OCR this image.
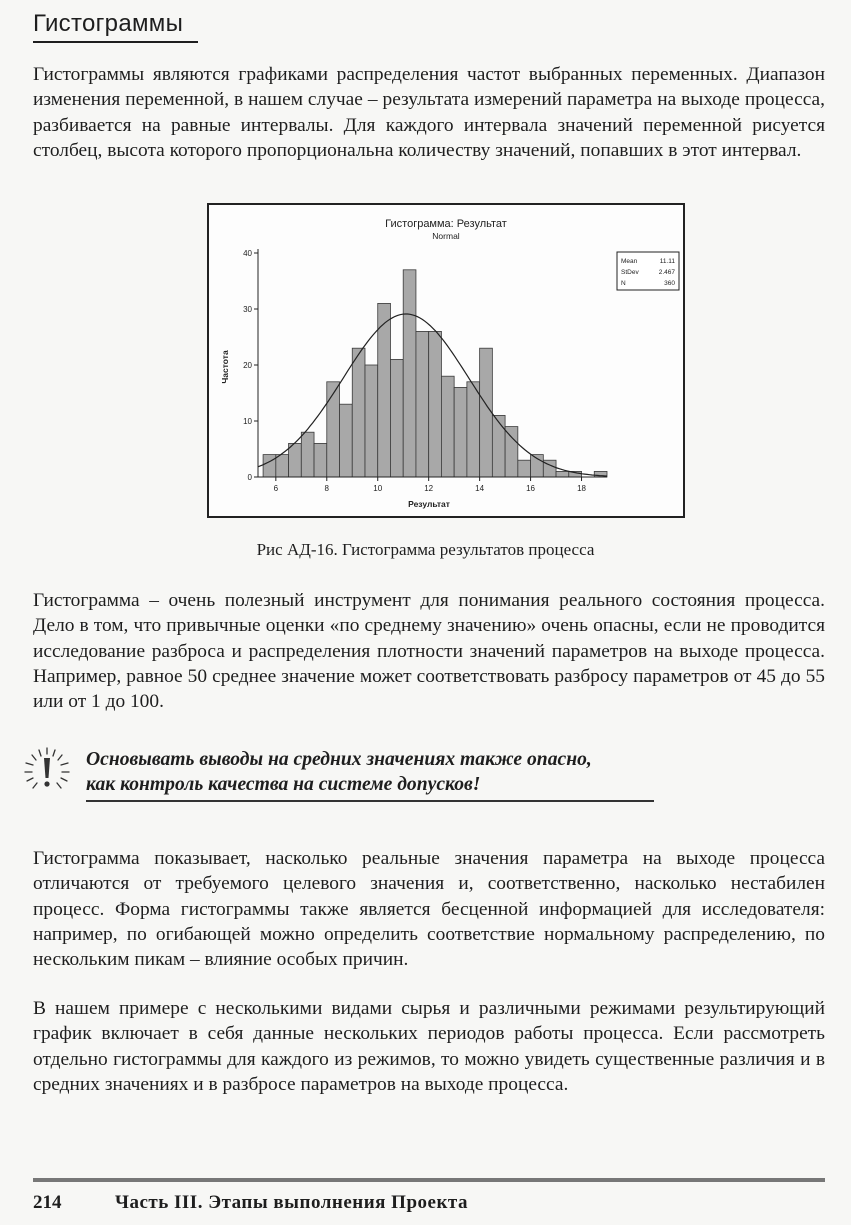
Гистограммы

Гистограммы являются графиками распределения частот выбранных переменных. Диапазон изменения переменной, в нашем случае – результата измерений параметра на выходе процесса, разбивается на равные интервалы. Для каждого интервала значений переменной рисуется столбец, высота которого пропорциональна количеству значений, попавших в этот интервал.

Гистограмма: Результат
Normal
Результат
Частота
0
10
20
30
40
6	8	10	12	14	16	18
Mean	11.11
StDev	2.467
N	360

Рис АД-16. Гистограмма результатов процесса

Гистограмма – очень полезный инструмент для понимания реального состояния процесса. Дело в том, что привычные оценки «по среднему значению» очень опасны, если не проводится исследование разброса и распределения плотности значений параметров на выходе процесса. Например, равное 50 среднее значение может соответствовать разбросу параметров от 45 до 55 или от 1 до 100.

Основывать выводы на средних значениях также опасно,
как контроль качества на системе допусков!

Гистограмма показывает, насколько реальные значения параметра на выходе процесса отличаются от требуемого целевого значения и, соответственно, насколько нестабилен процесс. Форма гистограммы также является бесценной информацией для исследователя: например, по огибающей можно определить соответствие нормальному распределению, по нескольким пикам – влияние особых причин.

В нашем примере с несколькими видами сырья и различными режимами результирующий график включает в себя данные нескольких периодов работы процесса. Если рассмотреть отдельно гистограммы для каждого из режимов, то можно увидеть существенные различия и в средних значениях и в разбросе параметров на выходе процесса.

214	Часть III. Этапы выполнения Проекта
